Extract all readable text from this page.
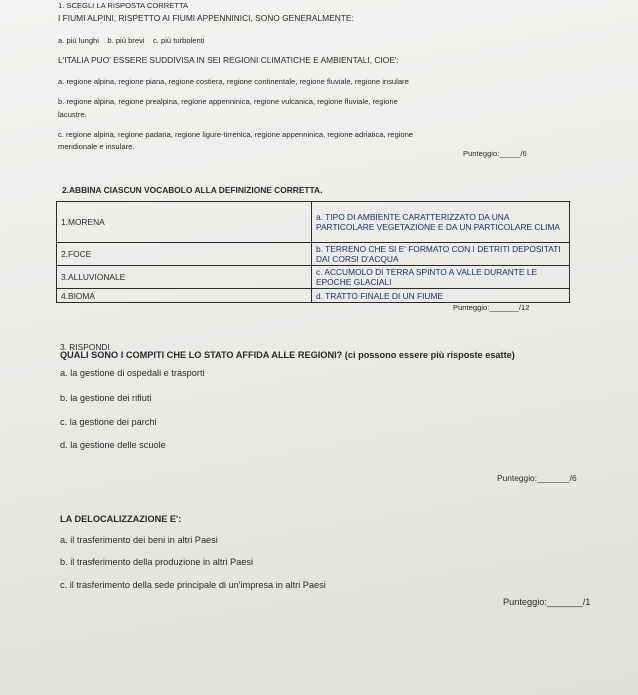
1. SCEGLI LA RISPOSTA CORRETTA
I FIUMI ALPINI, RISPETTO AI FIUMI APPENNINICI, SONO GENERALMENTE:
a. più lunghi    b. più brevi    c. più turbolenti
L'ITALIA PUO' ESSERE SUDDIVISA IN SEI REGIONI CLIMATICHE E AMBIENTALI, CIOE':
a. regione alpina, regione piana, regione costiera, regione continentale, regione fluviale, regione insulare
b. regione alpina, regione prealpina, regione appenninica, regione vulcanica, regione fluviale, regione
lacustre.
c. regione alpina, regione padana, regione ligure-tirrenica, regione appenninica, regione adriatica, regione
meridionale e insulare.
Punteggio:_____/6
2.ABBINA CIASCUN VOCABOLO ALLA DEFINIZIONE CORRETTA.
1.MORENA	a. TIPO DI AMBIENTE CARATTERIZZATO DA UNA PARTICOLARE VEGETAZIONE E DA UN PARTICOLARE CLIMA
2.FOCE	b. TERRENO CHE SI E' FORMATO CON I DETRITI DEPOSITATI DAI CORSI D'ACQUA
3.ALLUVIONALE	c. ACCUMOLO DI TERRA SPINTO A VALLE DURANTE LE EPOCHE GLACIALI
4.BIOMA	d. TRATTO FINALE DI UN FIUME
Punteggio:_______/12
3. RISPONDI
QUALI SONO I COMPITI CHE LO STATO AFFIDA ALLE REGIONI? (ci possono essere più risposte esatte)
a. la gestione di ospedali e trasporti
b. la gestione dei rifiuti
c. la gestione dei parchi
d. la gestione delle scuole
Punteggio:_______/6
LA DELOCALIZZAZIONE E':
a. il trasferimento dei beni in altri Paesi
b. il trasferimento della produzione in altri Paesi
c. il trasferimento della sede principale di un'impresa in altri Paesi
Punteggio:_______/1
